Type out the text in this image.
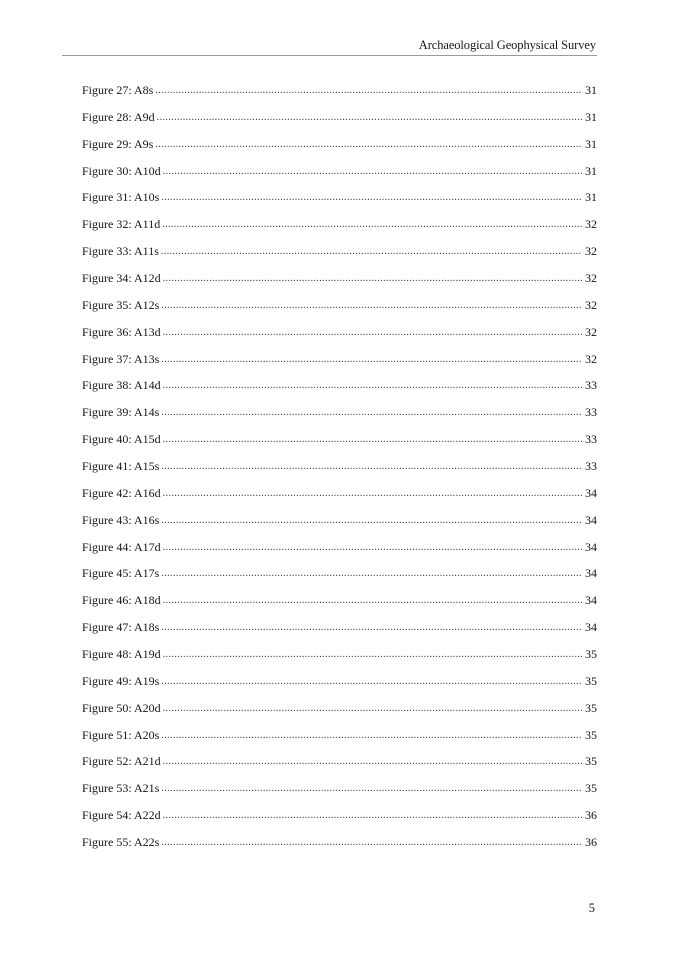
Archaeological Geophysical Survey
Figure 27: A8s .....	31
Figure 28: A9d .....	31
Figure 29: A9s .....	31
Figure 30: A10d .....	31
Figure 31: A10s .....	31
Figure 32: A11d .....	32
Figure 33: A11s .....	32
Figure 34: A12d .....	32
Figure 35: A12s .....	32
Figure 36: A13d .....	32
Figure 37: A13s .....	32
Figure 38: A14d .....	33
Figure 39: A14s .....	33
Figure 40: A15d .....	33
Figure 41: A15s .....	33
Figure 42: A16d .....	34
Figure 43: A16s .....	34
Figure 44: A17d .....	34
Figure 45: A17s .....	34
Figure 46: A18d .....	34
Figure 47: A18s .....	34
Figure 48: A19d .....	35
Figure 49: A19s .....	35
Figure 50: A20d .....	35
Figure 51: A20s .....	35
Figure 52: A21d .....	35
Figure 53: A21s .....	35
Figure 54: A22d .....	36
Figure 55: A22s .....	36
5
